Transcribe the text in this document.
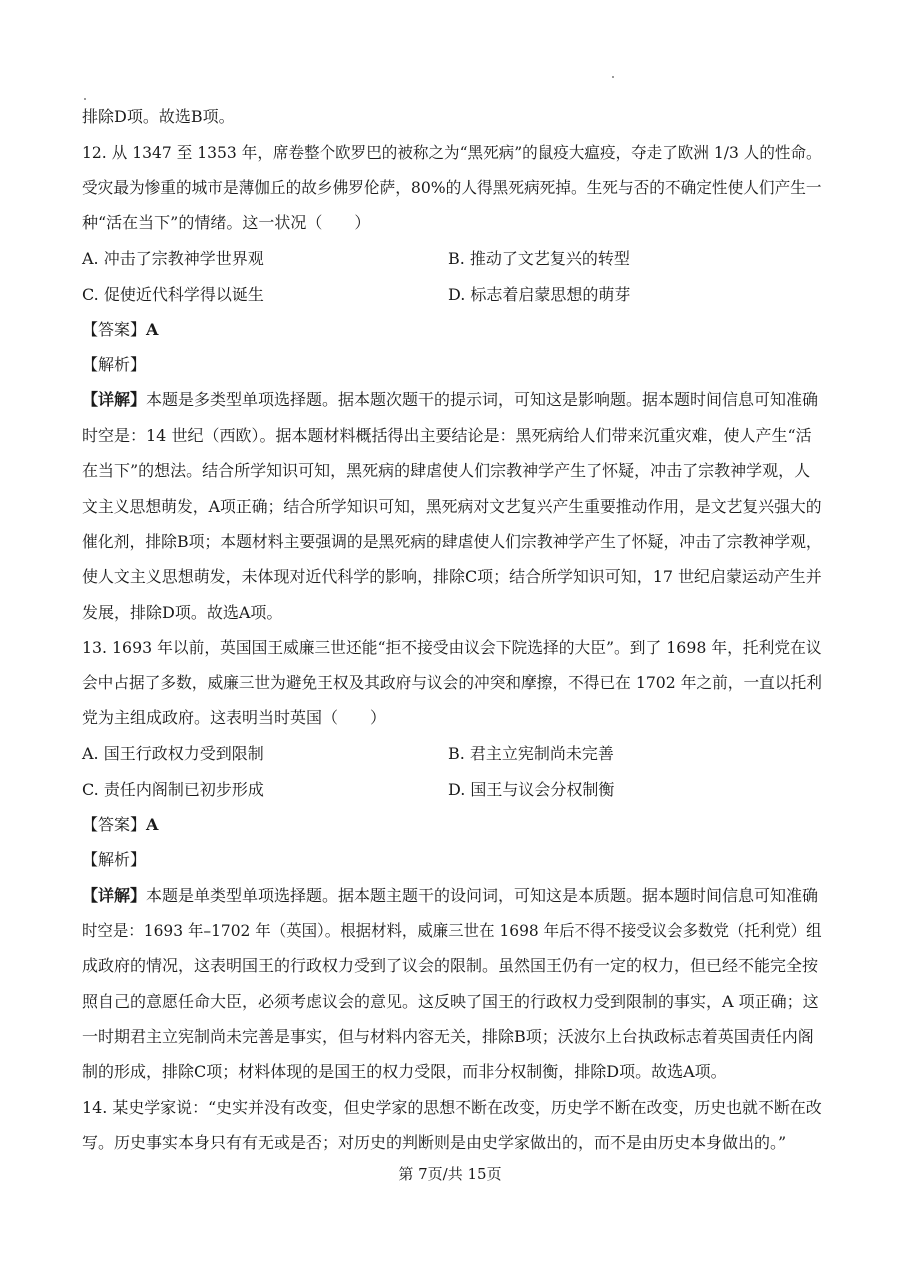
排除D项。故选B项。
12. 从 1347 至 1353 年，席卷整个欧罗巴的被称之为“黑死病”的鼠疫大瘟疫，夺走了欧洲 1/3 人的性命。
受灾最为惨重的城市是薄伽丘的故乡佛罗伦萨，80%的人得黑死病死掉。生死与否的不确定性使人们产生一
种“活在当下”的情绪。这一状况（　　）
A. 冲击了宗教神学世界观	B. 推动了文艺复兴的转型
C. 促使近代科学得以诞生	D. 标志着启蒙思想的萌芽
【答案】A
【解析】
【详解】本题是多类型单项选择题。据本题次题干的提示词，可知这是影响题。据本题时间信息可知准确
时空是：14 世纪（西欧）。据本题材料概括得出主要结论是：黑死病给人们带来沉重灾难，使人产生“活
在当下”的想法。结合所学知识可知，黑死病的肆虐使人们宗教神学产生了怀疑，冲击了宗教神学观，人
文主义思想萌发，A项正确；结合所学知识可知，黑死病对文艺复兴产生重要推动作用，是文艺复兴强大的
催化剂，排除B项；本题材料主要强调的是黑死病的肆虐使人们宗教神学产生了怀疑，冲击了宗教神学观，
使人文主义思想萌发，未体现对近代科学的影响，排除C项；结合所学知识可知，17 世纪启蒙运动产生并
发展，排除D项。故选A项。
13. 1693 年以前，英国国王威廉三世还能“拒不接受由议会下院选择的大臣”。到了 1698 年，托利党在议
会中占据了多数，威廉三世为避免王权及其政府与议会的冲突和摩擦，不得已在 1702 年之前，一直以托利
党为主组成政府。这表明当时英国（　　）
A. 国王行政权力受到限制	B. 君主立宪制尚未完善
C. 责任内阁制已初步形成	D. 国王与议会分权制衡
【答案】A
【解析】
【详解】本题是单类型单项选择题。据本题主题干的设问词，可知这是本质题。据本题时间信息可知准确
时空是：1693 年–1702 年（英国）。根据材料，威廉三世在 1698 年后不得不接受议会多数党（托利党）组
成政府的情况，这表明国王的行政权力受到了议会的限制。虽然国王仍有一定的权力，但已经不能完全按
照自己的意愿任命大臣，必须考虑议会的意见。这反映了国王的行政权力受到限制的事实，A 项正确；这
一时期君主立宪制尚未完善是事实，但与材料内容无关，排除B项；沃波尔上台执政标志着英国责任内阁
制的形成，排除C项；材料体现的是国王的权力受限，而非分权制衡，排除D项。故选A项。
14. 某史学家说：“史实并没有改变，但史学家的思想不断在改变，历史学不断在改变，历史也就不断在改
写。历史事实本身只有有无或是否；对历史的判断则是由史学家做出的，而不是由历史本身做出的。”
第 7页/共 15页
